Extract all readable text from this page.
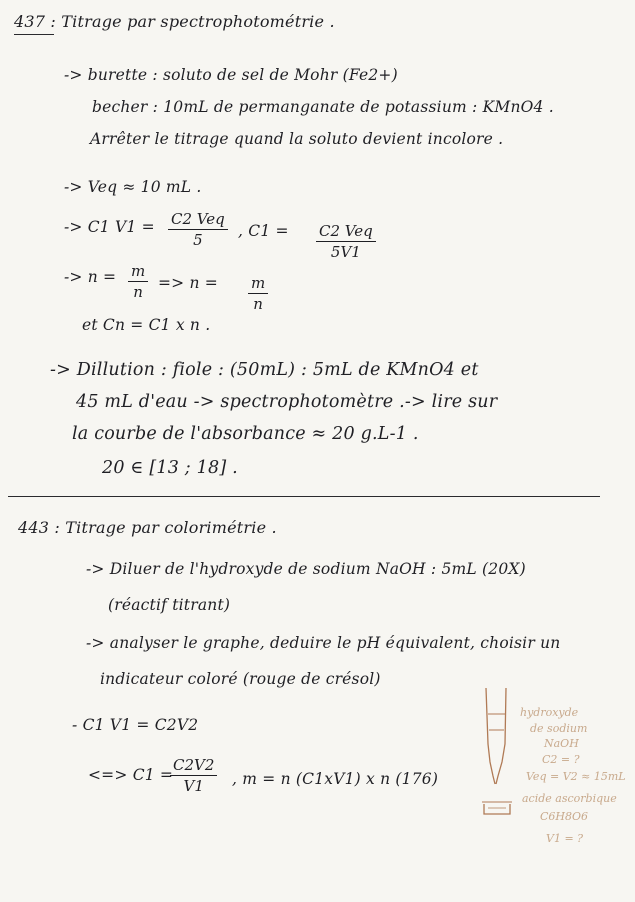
437 : Titrage par spectrophotométrie .
-> burette : soluto de sel de Mohr (Fe2+)
becher : 10mL de permanganate de potassium : KMnO4 .
Arrêter le titrage quand la soluto devient incolore .
-> Veq ≈ 10 mL .
-> C1 V1 = C2 Veq
5	, C1 = C2 Veq
5V1
-> $n = \frac{m}{n} => n = \frac{m}{n}$
et Cn = C1 x n .
-> Dillution : fiole : (50mL) : 5mL de KMnO4 et
45 mL d'eau -> spectrophotomètre .-> lire sur
la courbe de l'absorbance ≈ 20 g.L-1 .
20 ∈ [13 ; 18] .
443 : Titrage par colorimétrie .
-> Diluer de l'hydroxyde de sodium NaOH : 5mL (20X)
(réactif titrant)
-> analyser le graphe, deduire le pH équivalent, choisir un
indicateur coloré (rouge de crésol)
- C1 V1 = C2V2
<=> C1 =
$\frac{C2V2}{V1}$ , m = n (C1xV1) x n (176)
hydroxyde
de sodium
NaOH
C2 = ?
Veq = V2 ≈ 15mL
acide ascorbique
C6H8O6
V1 = ?
